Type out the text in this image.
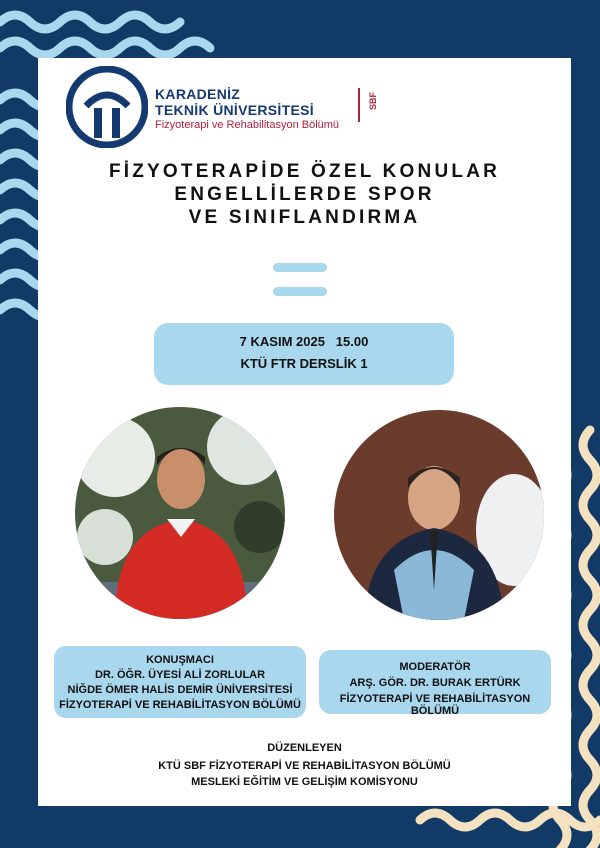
KARADENİZ
TEKNİK ÜNİVERSİTESİ
Fizyoterapi ve Rehabilitasyon Bölümü
SBF
FİZYOTERAPİDE ÖZEL KONULAR
ENGELLİLERDE SPOR
VE SINIFLANDIRMA
7 KASIM 2025   15.00
KTÜ FTR DERSLİK 1
KONUŞMACI
DR. ÖĞR. ÜYESİ ALİ ZORLULAR
NİĞDE ÖMER HALİS DEMİR ÜNİVERSİTESİ
FİZYOTERAPİ VE REHABİLİTASYON BÖLÜMÜ
MODERATÖR
ARŞ. GÖR. DR. BURAK ERTÜRK
FİZYOTERAPİ VE REHABİLİTASYON BÖLÜMÜ
DÜZENLEYEN
KTÜ SBF FİZYOTERAPİ VE REHABİLİTASYON BÖLÜMÜ
MESLEKİ EĞİTİM VE GELİŞİM KOMİSYONU
